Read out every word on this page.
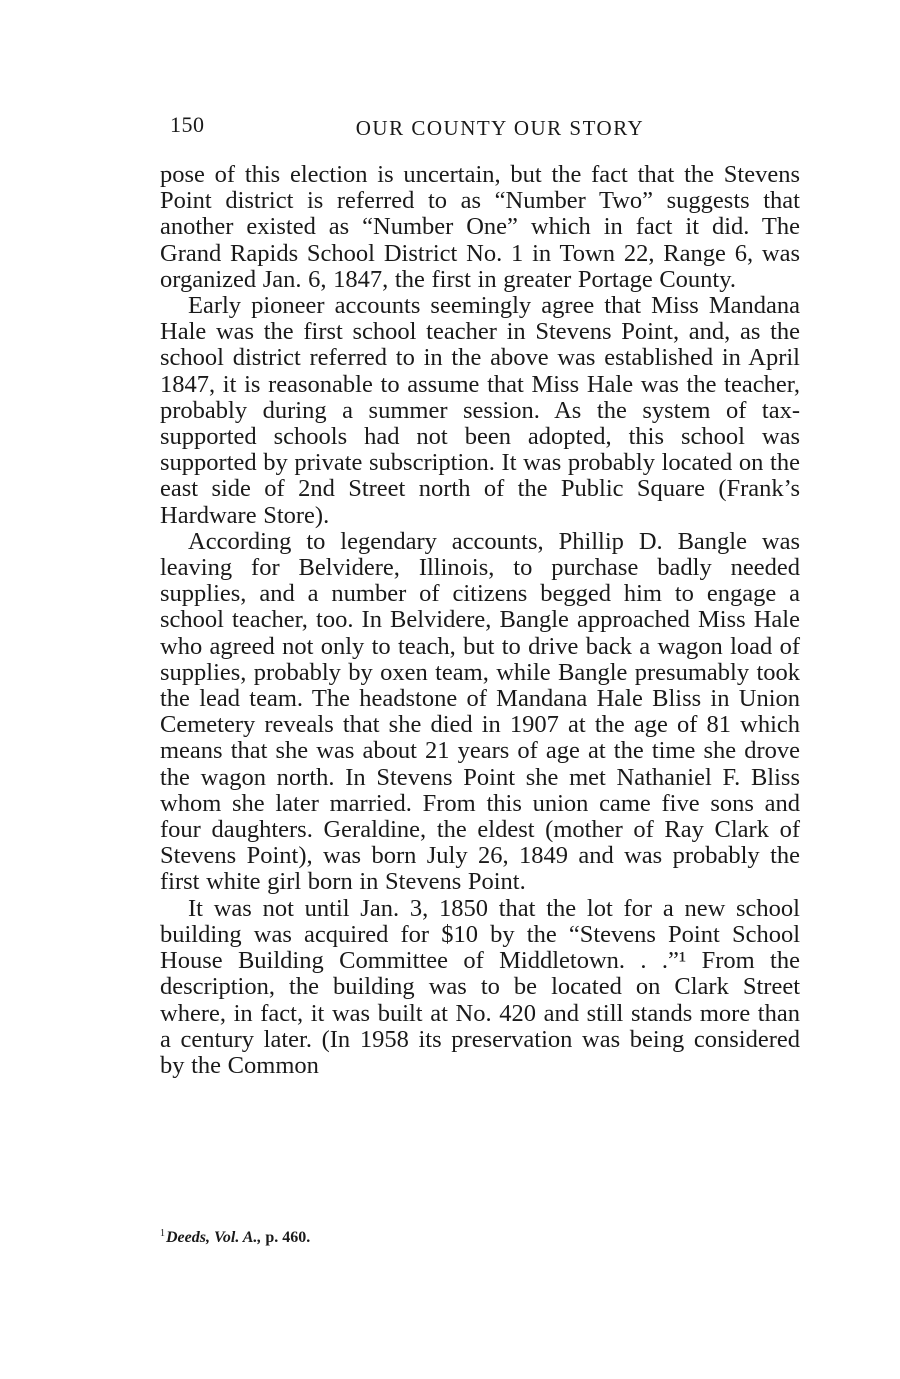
150	OUR COUNTY OUR STORY

pose of this election is uncertain, but the fact that the Stevens Point district is referred to as “Number Two” suggests that another existed as “Number One” which in fact it did. The Grand Rapids School District No. 1 in Town 22, Range 6, was organized Jan. 6, 1847, the first in greater Portage County.

Early pioneer accounts seemingly agree that Miss Mandana Hale was the first school teacher in Stevens Point, and, as the school district referred to in the above was established in April 1847, it is reasonable to assume that Miss Hale was the teacher, probably during a summer session. As the system of tax-supported schools had not been adopted, this school was supported by private subscription. It was probably located on the east side of 2nd Street north of the Public Square (Frank’s Hardware Store).

According to legendary accounts, Phillip D. Bangle was leaving for Belvidere, Illinois, to purchase badly needed supplies, and a number of citizens begged him to engage a school teacher, too. In Belvidere, Bangle approached Miss Hale who agreed not only to teach, but to drive back a wagon load of supplies, probably by oxen team, while Bangle presumably took the lead team. The headstone of Mandana Hale Bliss in Union Cemetery reveals that she died in 1907 at the age of 81 which means that she was about 21 years of age at the time she drove the wagon north. In Stevens Point she met Nathaniel F. Bliss whom she later married. From this union came five sons and four daughters. Geraldine, the eldest (mother of Ray Clark of Stevens Point), was born July 26, 1849 and was probably the first white girl born in Stevens Point.

It was not until Jan. 3, 1850 that the lot for a new school building was acquired for $10 by the “Stevens Point School House Building Committee of Middletown. . .”¹ From the description, the building was to be located on Clark Street where, in fact, it was built at No. 420 and still stands more than a century later. (In 1958 its preservation was being considered by the Common

$^1$Deeds, Vol. A., p. 460.
